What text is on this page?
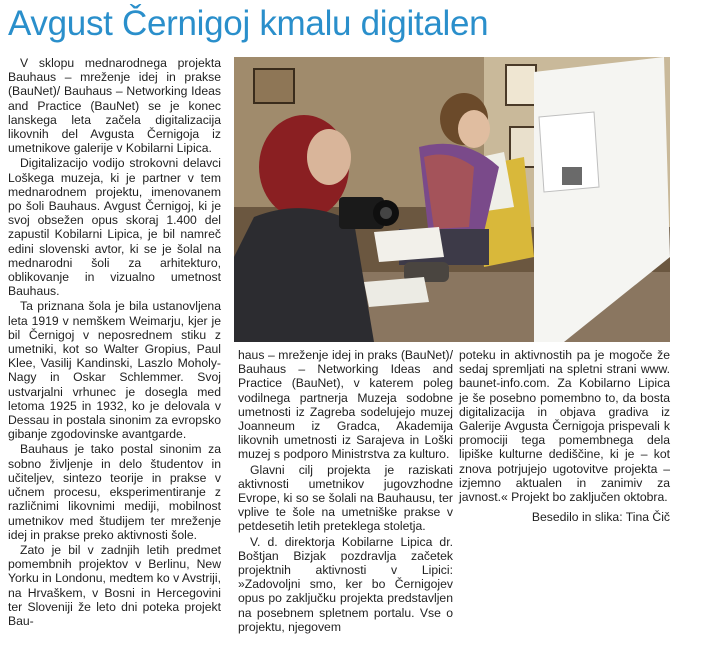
Avgust Černigoj kmalu digitalen

V sklopu mednarodnega projekta Bauhaus – mreženje idej in prakse (BauNet)/ Bauhaus – Networking Ideas and Practice (BauNet) se je konec lanskega leta začela digitalizacija likovnih del Avgusta Černigoja iz umetnikove galerije v Kobilarni Lipica.

Digitalizacijo vodijo strokovni delavci Loškega muzeja, ki je partner v tem mednarodnem projektu, imenovanem po šoli Bauhaus. Avgust Černigoj, ki je svoj obsežen opus skoraj 1.400 del zapustil Kobilarni Lipica, je bil namreč edini slovenski avtor, ki se je šolal na mednarodni šoli za arhitekturo, oblikovanje in vizualno umetnost Bauhaus.

Ta priznana šola je bila ustanovljena leta 1919 v nemškem Weimarju, kjer je bil Černigoj v neposrednem stiku z umetniki, kot so Walter Gropius, Paul Klee, Vasilij Kandinski, Laszlo Moholy-Nagy in Oskar Schlemmer. Svoj ustvarjalni vrhunec je dosegla med letoma 1925 in 1932, ko je delovala v Dessau in postala sinonim za evropsko gibanje zgodovinske avantgarde.

Bauhaus je tako postal sinonim za sobno življenje in delo študentov in učiteljev, sintezo teorije in prakse v učnem procesu, eksperimentiranje z različnimi likovnimi mediji, mobilnost umetnikov med študijem ter mreženje idej in prakse preko aktivnosti šole.

Zato je bil v zadnjih letih predmet pomembnih projektov v Berlinu, New Yorku in Londonu, medtem ko v Avstriji, na Hrvaškem, v Bosni in Hercegovini ter Sloveniji že leto dni poteka projekt Bau-

haus – mreženje idej in praks (BauNet)/ Bauhaus – Networking Ideas and Practice (BauNet), v katerem poleg vodilnega partnerja Muzeja sodobne umetnosti iz Zagreba sodelujejo muzej Joanneum iz Gradca, Akademija likovnih umetnosti iz Sarajeva in Loški muzej s podporo Ministrstva za kulturo.

Glavni cilj projekta je raziskati aktivnosti umetnikov jugovzhodne Evrope, ki so se šolali na Bauhausu, ter vplive te šole na umetniške prakse v petdesetih letih preteklega stoletja.

V. d. direktorja Kobilarne Lipica dr. Boštjan Bizjak pozdravlja začetek projektnih aktivnosti v Lipici: »Zadovoljni smo, ker bo Černigojev opus po zaključku projekta predstavljen na posebnem spletnem portalu. Vse o projektu, njegovem

poteku in aktivnostih pa je mogoče že sedaj spremljati na spletni strani www. baunet-info.com. Za Kobilarno Lipica je še posebno pomembno to, da bosta digitalizacija in objava gradiva iz Galerije Avgusta Černigoja prispevali k promociji tega pomembnega dela lipiške kulturne dediščine, ki je – kot znova potrjujejo ugotovitve projekta – izjemno aktualen in zanimiv za javnost.« Projekt bo zaključen oktobra.

Besedilo in slika: Tina Čič
